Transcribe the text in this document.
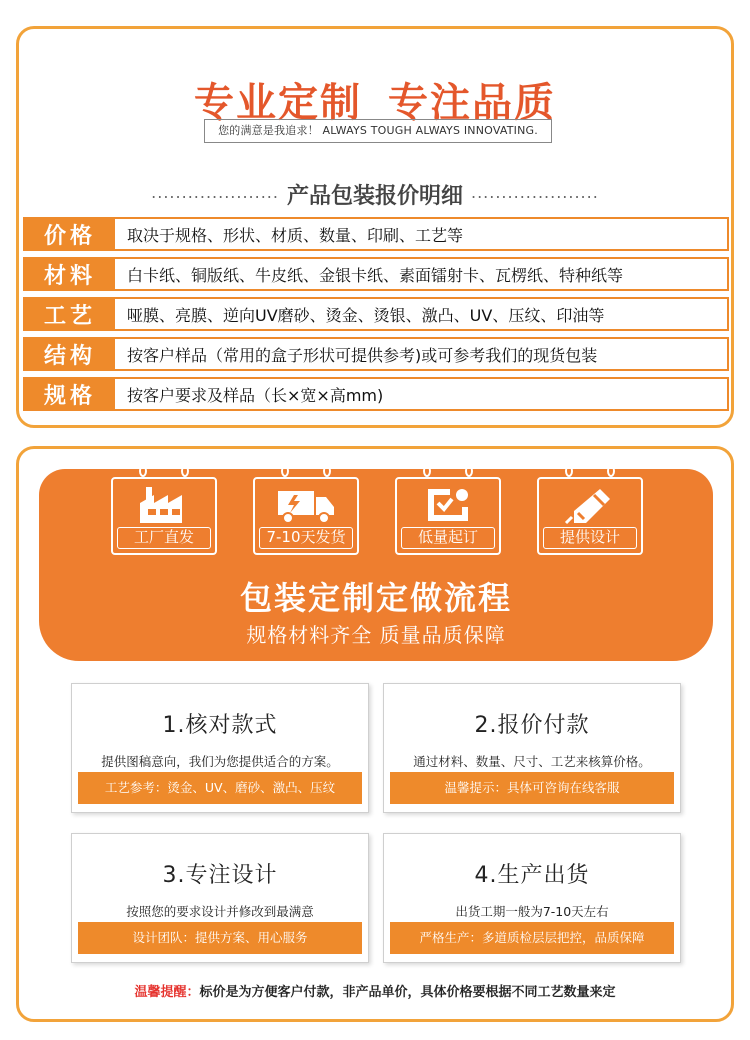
专业定制 专注品质
您的满意是我追求！ ALWAYS TOUGH ALWAYS INNOVATING.
····················· 产品包装报价明细 ·····················
价格	取决于规格、形状、材质、数量、印刷、工艺等
材料	白卡纸、铜版纸、牛皮纸、金银卡纸、素面镭射卡、瓦楞纸、特种纸等
工艺	哑膜、亮膜、逆向UV磨砂、烫金、烫银、激凸、UV、压纹、印油等
结构	按客户样品（常用的盒子形状可提供参考)或可参考我们的现货包装
规格	按客户要求及样品（长×宽×高mm)
工厂直发	7-10天发货	低量起订	提供设计
包装定制定做流程
规格材料齐全 质量品质保障
1.核对款式
提供图稿意向，我们为您提供适合的方案。
工艺参考：烫金、UV、磨砂、激凸、压纹
2.报价付款
通过材料、数量、尺寸、工艺来核算价格。
温馨提示：具体可咨询在线客服
3.专注设计
按照您的要求设计并修改到最满意
设计团队：提供方案、用心服务
4.生产出货
出货工期一般为7-10天左右
严格生产：多道质检层层把控，品质保障
温馨提醒：标价是为方便客户付款，非产品单价，具体价格要根据不同工艺数量来定
